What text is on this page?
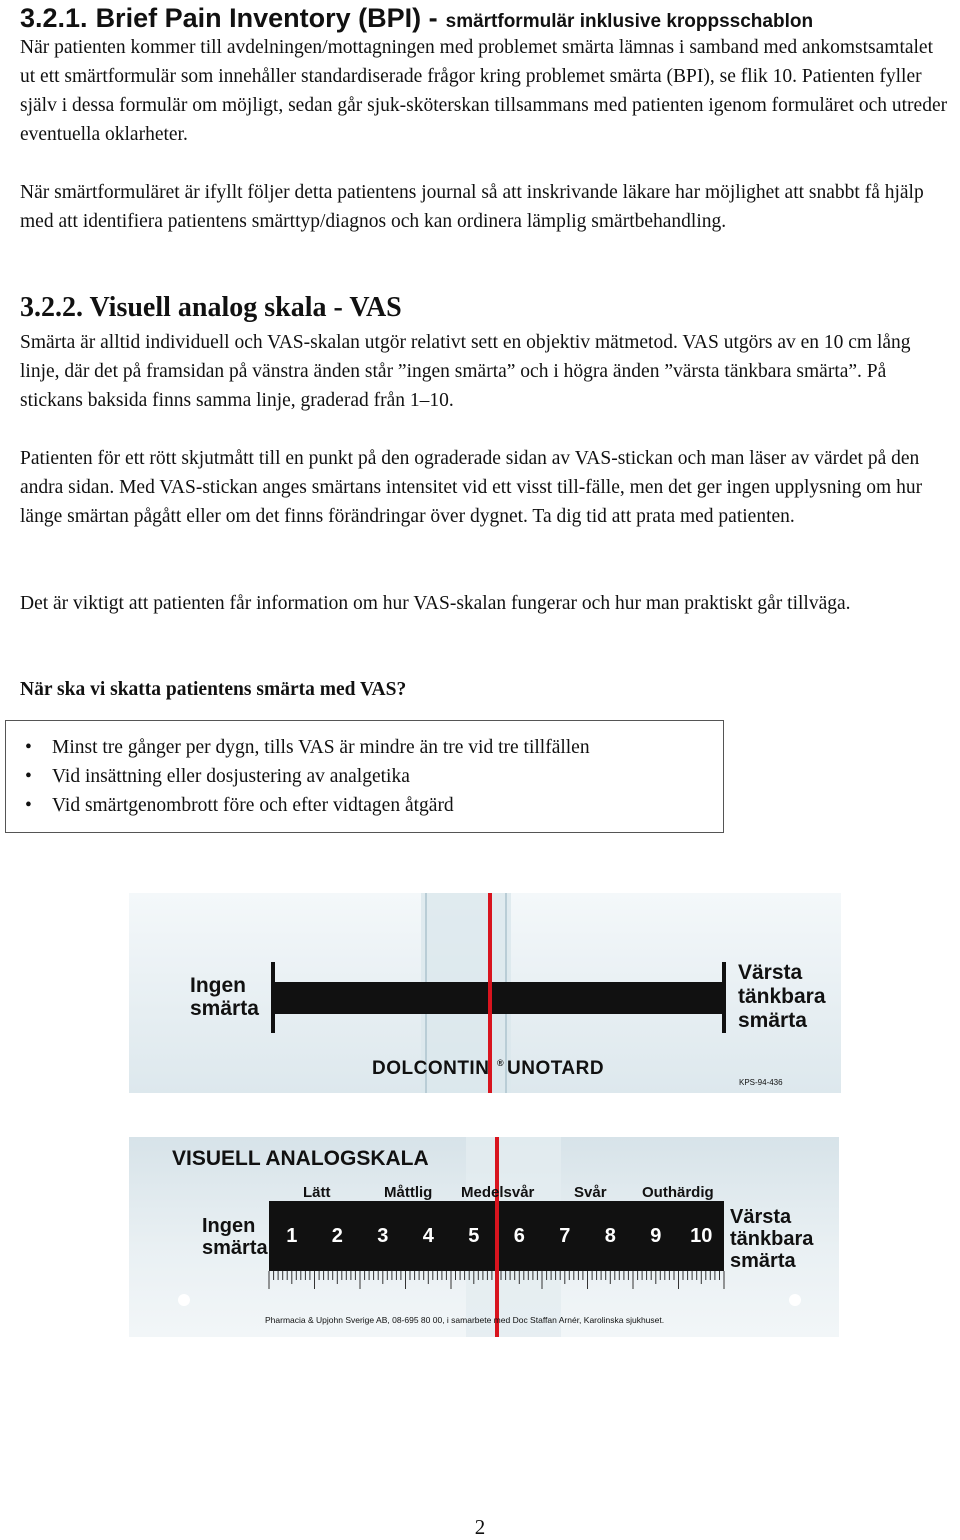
3.2.1. Brief Pain Inventory (BPI) - smärtformulär inklusive kroppsschablon

När patienten kommer till avdelningen/mottagningen med problemet smärta lämnas i samband med ankomstsamtalet ut ett smärtformulär som innehåller standardiserade frågor kring problemet smärta (BPI), se flik 10. Patienten fyller själv i dessa formulär om möjligt, sedan går sjuk-sköterskan tillsammans med patienten igenom formuläret och utreder eventuella oklarheter.

När smärtformuläret är ifyllt följer detta patientens journal så att inskrivande läkare har möjlighet att snabbt få hjälp med att identifiera patientens smärttyp/diagnos och kan ordinera lämplig smärtbehandling.

3.2.2. Visuell analog skala - VAS

Smärta är alltid individuell och VAS-skalan utgör relativt sett en objektiv mätmetod. VAS utgörs av en 10 cm lång linje, där det på framsidan på vänstra änden står ”ingen smärta” och i högra änden ”värsta tänkbara smärta”. På stickans baksida finns samma linje, graderad från 1–10.

Patienten för ett rött skjutmått till en punkt på den ograderade sidan av VAS-stickan och man läser av värdet på den andra sidan. Med VAS-stickan anges smärtans intensitet vid ett visst till-fälle, men det ger ingen upplysning om hur länge smärtan pågått eller om det finns förändringar över dygnet. Ta dig tid att prata med patienten.

Det är viktigt att patienten får information om hur VAS-skalan fungerar och hur man praktiskt går tillväga.

När ska vi skatta patientens smärta med VAS?
• Minst tre gånger per dygn, tills VAS är mindre än tre vid tre tillfällen
• Vid insättning eller dosjustering av analgetika
• Vid smärtgenombrott före och efter vidtagen åtgärd
Ingen
smärta
Värsta
tänkbara
smärta
DOLCONTIN ® UNOTARD
KPS-94-436
1 2 3 4 5 6 7 8 9 10
VISUELL ANALOGSKALA
Lätt	Måttlig Medelsvår	Svår Outhärdig
Ingen
smärta
Värsta
tänkbara
smärta
Pharmacia & Upjohn Sverige AB, 08-695 80 00, i samarbete med Doc Staffan Arnér, Karolinska sjukhuset.
2
